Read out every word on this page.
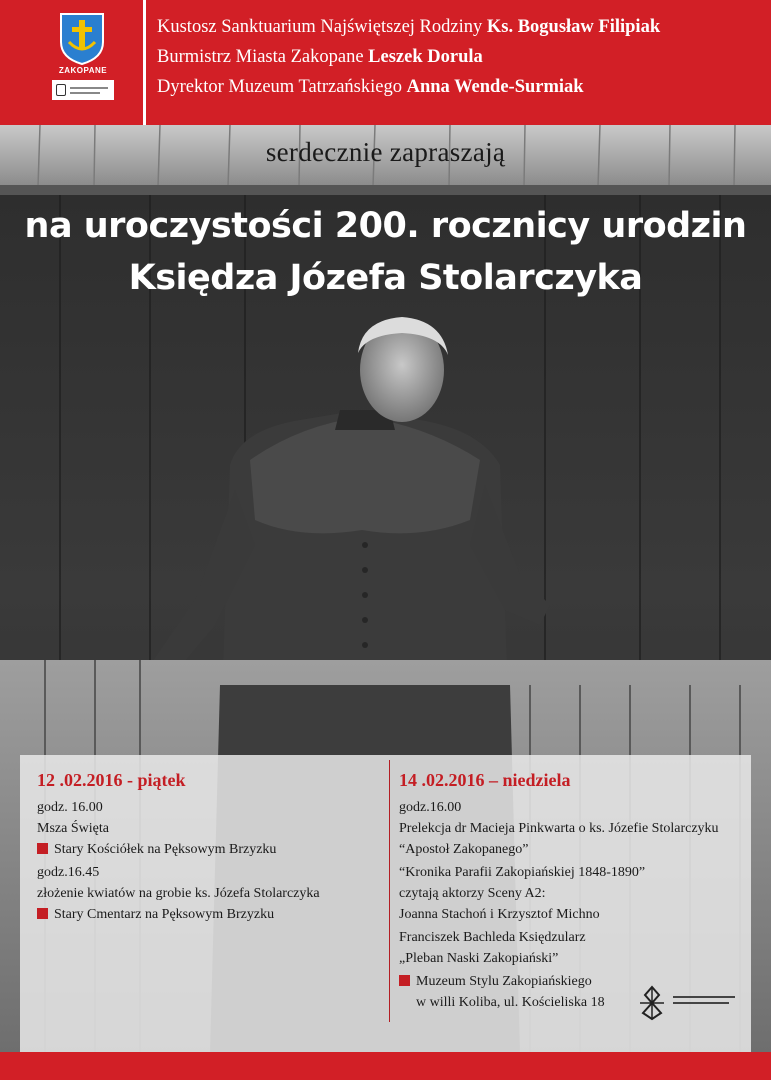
ZAKOPANE
Kustosz Sanktuarium Najświętszej Rodziny Ks. Bogusław Filipiak
Burmistrz Miasta Zakopane Leszek Dorula
Dyrektor Muzeum Tatrzańskiego Anna Wende-Surmiak
serdecznie zapraszają
na uroczystości 200. rocznicy urodzin
Księdza Józefa Stolarczyka
12 .02.2016 - piątek
godz. 16.00
Msza Święta
Stary Kościółek na Pęksowym Brzyzku
godz.16.45
złożenie kwiatów na grobie ks. Józefa Stolarczyka
Stary Cmentarz na Pęksowym Brzyzku
14 .02.2016 – niedziela
godz.16.00
Prelekcja dr Macieja Pinkwarta o ks. Józefie Stolarczyku
“Apostoł Zakopanego”
“Kronika Parafii Zakopiańskiej 1848-1890”
czytają aktorzy Sceny A2:
Joanna Stachoń i Krzysztof Michno
Franciszek Bachleda Księdzularz
„Pleban Naski Zakopiański”
Muzeum Stylu Zakopiańskiego
w willi Koliba, ul. Kościeliska 18
